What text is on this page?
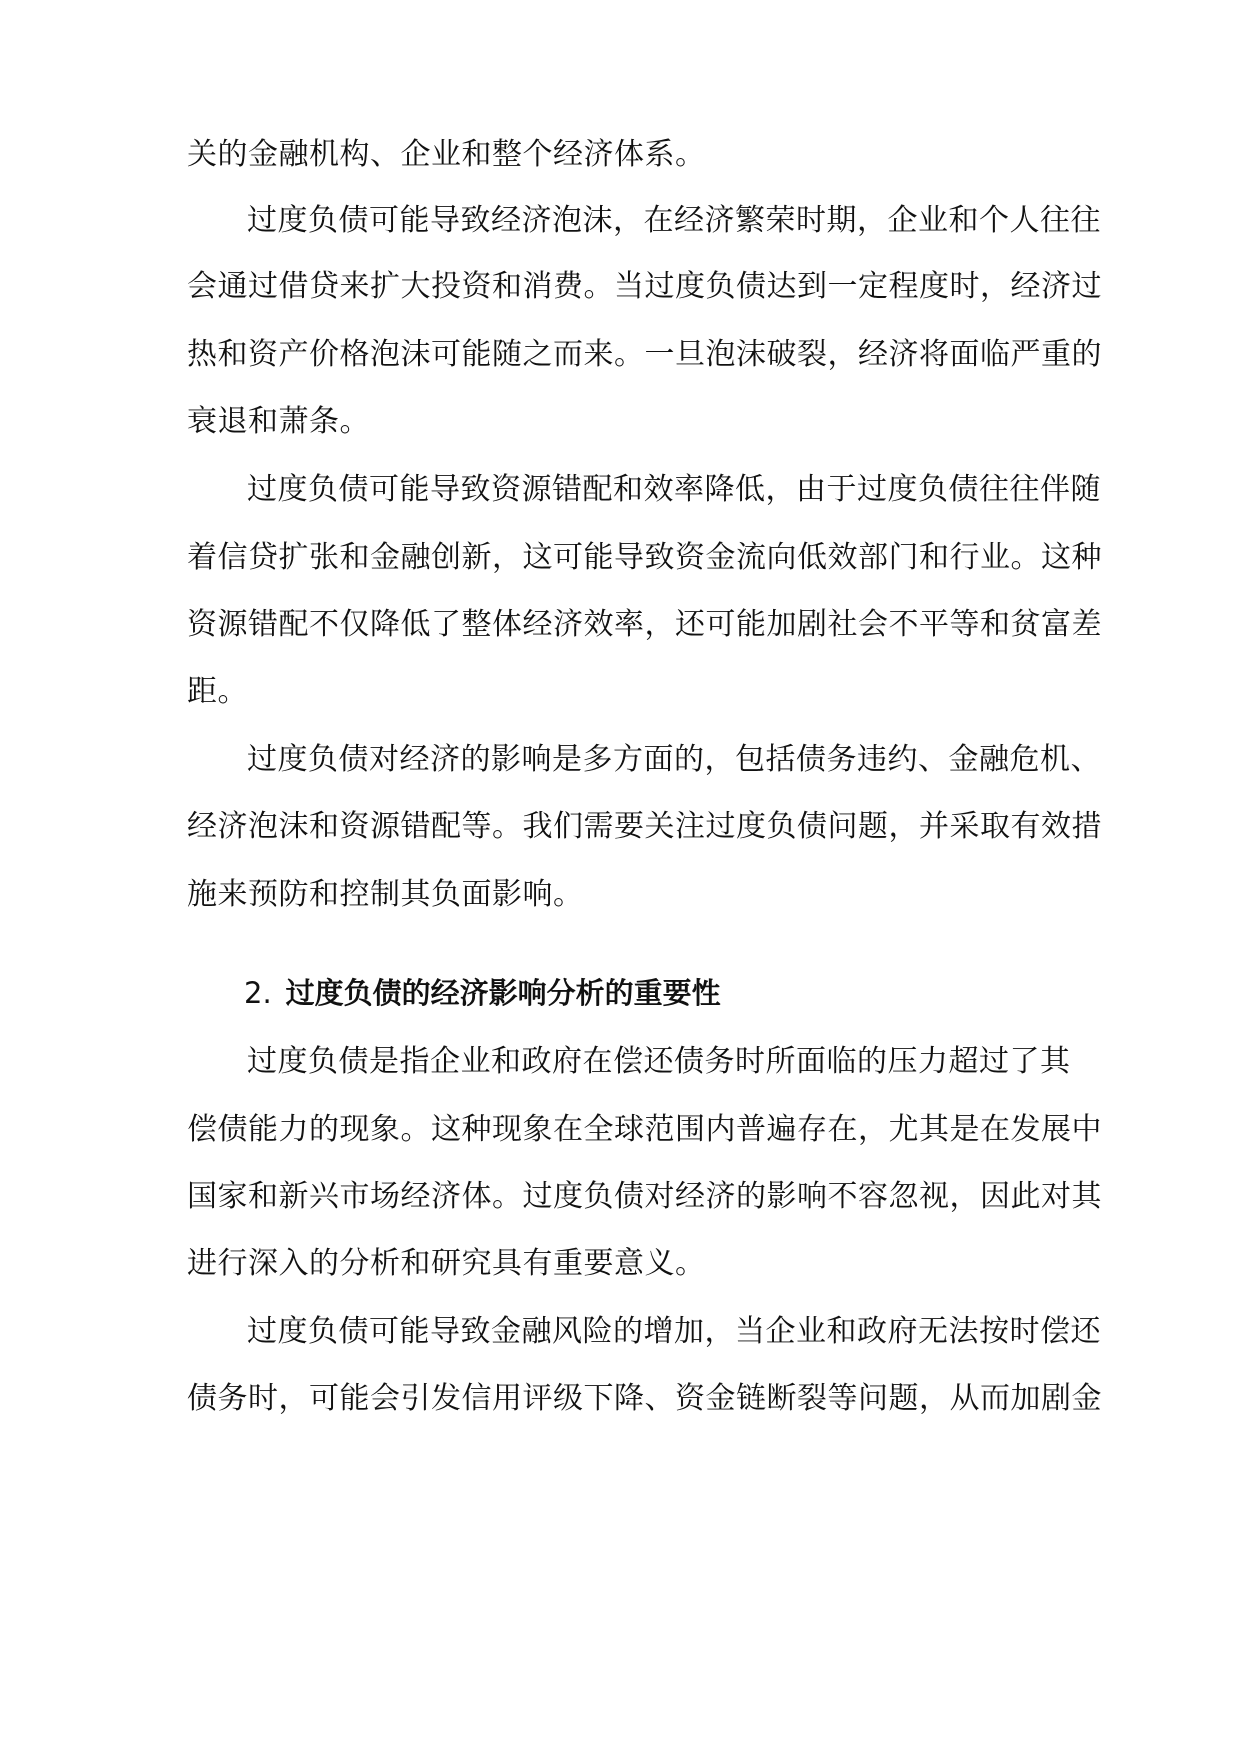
关的金融机构、企业和整个经济体系。
过度负债可能导致经济泡沫，在经济繁荣时期，企业和个人往往
会通过借贷来扩大投资和消费。当过度负债达到一定程度时，经济过
热和资产价格泡沫可能随之而来。一旦泡沫破裂，经济将面临严重的
衰退和萧条。
过度负债可能导致资源错配和效率降低，由于过度负债往往伴随
着信贷扩张和金融创新，这可能导致资金流向低效部门和行业。这种
资源错配不仅降低了整体经济效率，还可能加剧社会不平等和贫富差
距。
过度负债对经济的影响是多方面的，包括债务违约、金融危机、
经济泡沫和资源错配等。我们需要关注过度负债问题，并采取有效措
施来预防和控制其负面影响。
2. 过度负债的经济影响分析的重要性
过度负债是指企业和政府在偿还债务时所面临的压力超过了其
偿债能力的现象。这种现象在全球范围内普遍存在，尤其是在发展中
国家和新兴市场经济体。过度负债对经济的影响不容忽视，因此对其
进行深入的分析和研究具有重要意义。
过度负债可能导致金融风险的增加，当企业和政府无法按时偿还
债务时，可能会引发信用评级下降、资金链断裂等问题，从而加剧金
